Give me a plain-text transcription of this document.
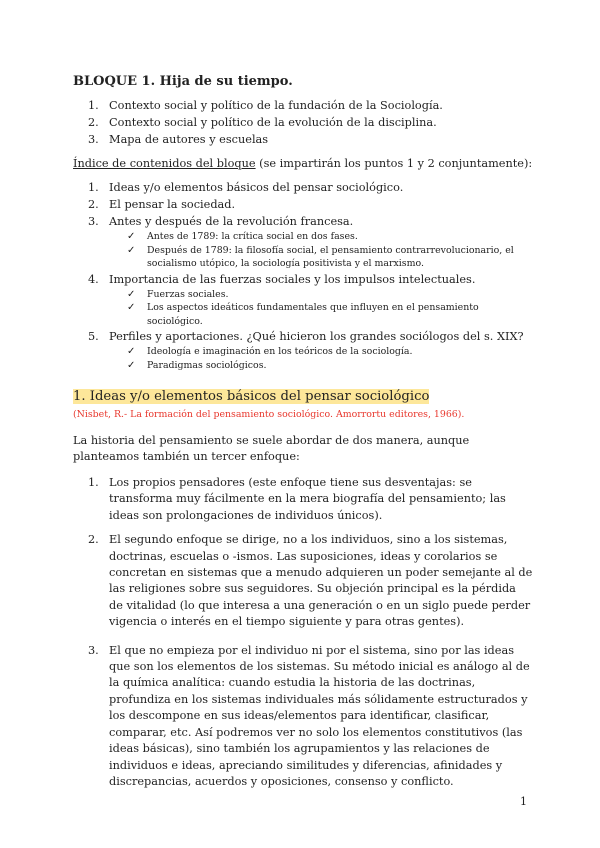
BLOQUE 1. Hija de su tiempo.
1. Contexto social y político de la fundación de la Sociología.
2. Contexto social y político de la evolución de la disciplina.
3. Mapa de autores y escuelas
Índice de contenidos del bloque (se impartirán los puntos 1 y 2 conjuntamente):
1. Ideas y/o elementos básicos del pensar sociológico.
2. El pensar la sociedad.
3. Antes y después de la revolución francesa.
✓ Antes de 1789: la crítica social en dos fases.
✓ Después de 1789: la filosofía social, el pensamiento contrarrevolucionario, el socialismo utópico, la sociología positivista y el marxismo.
4. Importancia de las fuerzas sociales y los impulsos intelectuales.
✓ Fuerzas sociales.
✓ Los aspectos ideáticos fundamentales que influyen en el pensamiento sociológico.
5. Perfiles y aportaciones. ¿Qué hicieron los grandes sociólogos del s. XIX?
✓ Ideología e imaginación en los teóricos de la sociología.
✓ Paradigmas sociológicos.
1. Ideas y/o elementos básicos del pensar sociológico
(Nisbet, R.- La formación del pensamiento sociológico. Amorrortu editores, 1966).
La historia del pensamiento se suele abordar de dos manera, aunque planteamos también un tercer enfoque:
1. Los propios pensadores (este enfoque tiene sus desventajas: se transforma muy fácilmente en la mera biografía del pensamiento; las ideas son prolongaciones de individuos únicos).
2. El segundo enfoque se dirige, no a los individuos, sino a los sistemas, doctrinas, escuelas o -ismos. Las suposiciones, ideas y corolarios se concretan en sistemas que a menudo adquieren un poder semejante al de las religiones sobre sus seguidores. Su objeción principal es la pérdida de vitalidad (lo que interesa a una generación o en un siglo puede perder vigencia o interés en el tiempo siguiente y para otras gentes).
3. El que no empieza por el individuo ni por el sistema, sino por las ideas que son los elementos de los sistemas. Su método inicial es análogo al de la química analítica: cuando estudia la historia de las doctrinas, profundiza en los sistemas individuales más sólidamente estructurados y los descompone en sus ideas/elementos para identificar, clasificar, comparar, etc. Así podremos ver no solo los elementos constitutivos (las ideas básicas), sino también los agrupamientos y las relaciones de individuos e ideas, apreciando similitudes y diferencias, afinidades y discrepancias, acuerdos y oposiciones, consenso y conflicto.
1
